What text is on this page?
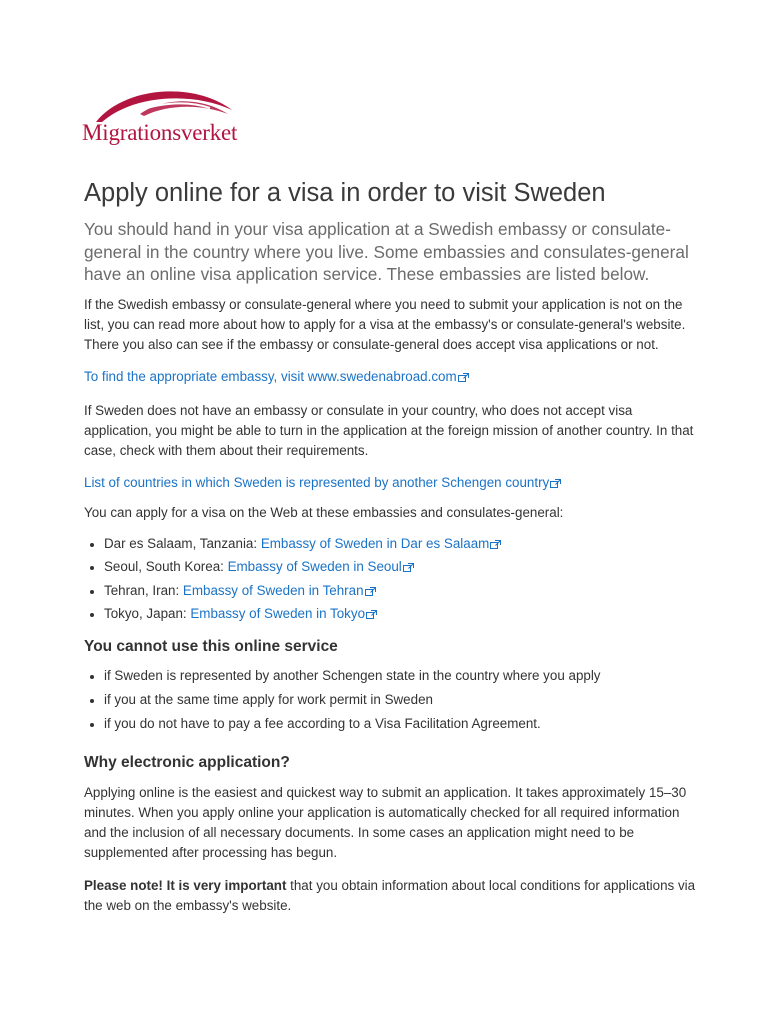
Migrationsverket
Apply online for a visa in order to visit Sweden

You should hand in your visa application at a Swedish embassy or consulate-general in the country where you live. Some embassies and consulates-general have an online visa application service. These embassies are listed below.

If the Swedish embassy or consulate-general where you need to submit your application is not on the list, you can read more about how to apply for a visa at the embassy's or consulate-general's website. There you also can see if the embassy or consulate-general does accept visa applications or not.

To find the appropriate embassy, visit www.swedenabroad.com

If Sweden does not have an embassy or consulate in your country, who does not accept visa application, you might be able to turn in the application at the foreign mission of another country. In that case, check with them about their requirements.

List of countries in which Sweden is represented by another Schengen country

You can apply for a visa on the Web at these embassies and consulates-general:

• Dar es Salaam, Tanzania: Embassy of Sweden in Dar es Salaam
• Seoul, South Korea: Embassy of Sweden in Seoul
• Tehran, Iran: Embassy of Sweden in Tehran
• Tokyo, Japan: Embassy of Sweden in Tokyo
You cannot use this online service
• if Sweden is represented by another Schengen state in the country where you apply
• if you at the same time apply for work permit in Sweden
• if you do not have to pay a fee according to a Visa Facilitation Agreement.
Why electronic application?

Applying online is the easiest and quickest way to submit an application. It takes approximately 15–30 minutes. When you apply online your application is automatically checked for all required information and the inclusion of all necessary documents. In some cases an application might need to be supplemented after processing has begun.

Please note! It is very important that you obtain information about local conditions for applications via the web on the embassy's website.
